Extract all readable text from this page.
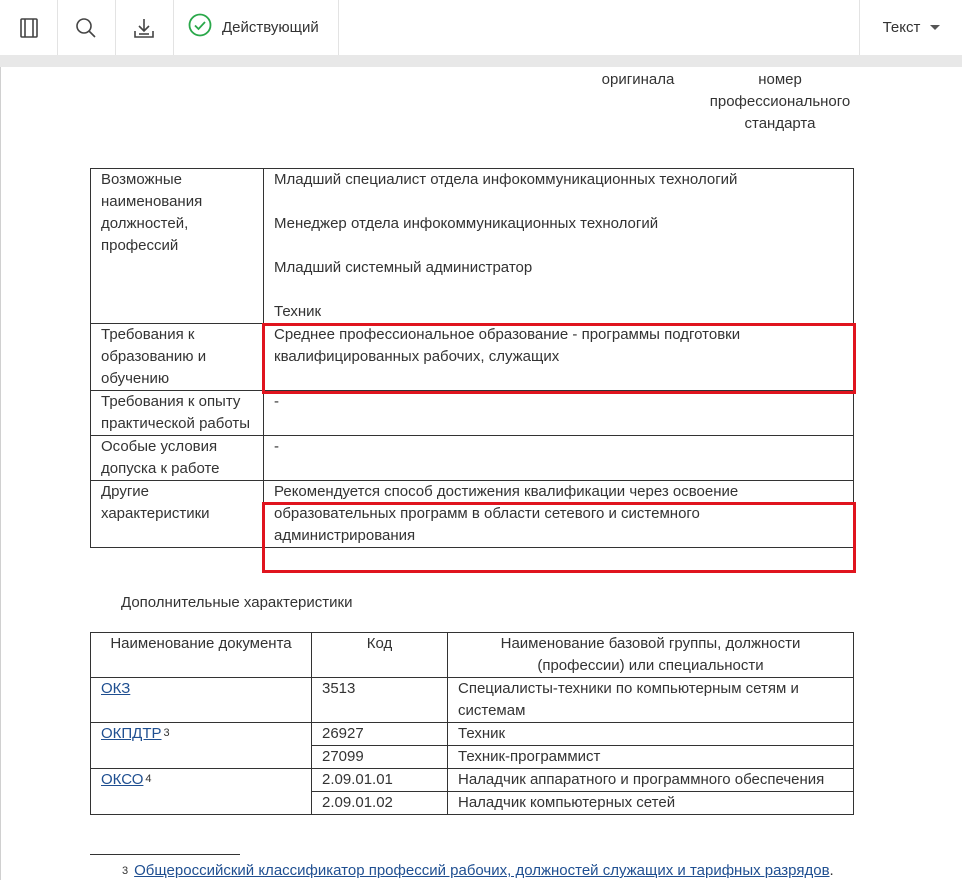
Действующий	Текст
оригинала	номер
профессионального
стандарта
Возможные наименования должностей, профессий	Младший специалист отдела инфокоммуникационных технологий

Менеджер отдела инфокоммуникационных технологий

Младший системный администратор

Техник

Требования к образованию и обучению	Среднее профессиональное образование - программы подготовки квалифицированных рабочих, служащих

Требования к опыту практической работы	-

Особые условия допуска к работе	-

Другие характеристики	Рекомендуется способ достижения квалификации через освоение образовательных программ в области сетевого и системного администрирования

Дополнительные характеристики
Наименование документа	Код	Наименование базовой группы, должности (профессии) или специальности
ОКЗ	3513	Специалисты-техники по компьютерным сетям и системам
ОКПДТР $^3$	26927	Техник
	27099	Техник-программист
ОКСО $^4$	2.09.01.01	Наладчик аппаратного и программного обеспечения
	2.09.01.02	Наладчик компьютерных сетей
$^3$ Общероссийский классификатор профессий рабочих, должностей служащих и тарифных разрядов.
